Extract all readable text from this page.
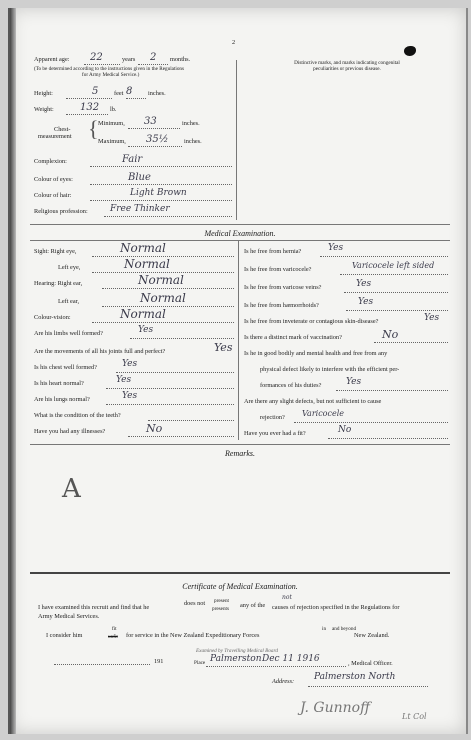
2
Apparent age: 22	years 2 months.
(To be determined according to the instructions given in the Regulations
for Army Medical Service.)
Height:	5 feet 8 inches.
Weight:	132 lb.
Chest-
measurement { Minimum, 33	inches.
Maximum, 35½ inches.
Complexion:	Fair
Colour of eyes:	Blue
Colour of hair:	Light Brown
Religious profession: Free Thinker
Distinctive marks, and marks indicating congenital
peculiarities or previous disease.
Medical Examination.
Sight: Right eye,	Normal
Left eye,	Normal
Hearing: Right ear,	Normal
Left ear,	Normal
Colour-vision:	Normal
Are his limbs well formed?	Yes
Are the movements of all his joints full and perfect?	Yes
Is his chest well formed?	Yes
Is his heart normal?	Yes
Are his lungs normal?	Yes
What is the condition of the teeth?
Have you had any illnesses?	No
Is he free from hernia?	Yes
Is he free from varicocele?	Varicocele left sided
Is he free from varicose veins?	Yes
Is he free from hæmorrhoids?	Yes
Is he free from inveterate or contagious skin-disease?	Yes
Is there a distinct mark of vaccination?	No
Is he in good bodily and mental health and free from any
physical defect likely to interfere with the efficient per-
formances of his duties?	Yes
Are there any slight defects, but not sufficient to cause
rejection? Varicocele
Have you ever had a fit?	No
Remarks.
A
Certificate of Medical Examination.
I have examined this recruit and find that he
does not present
presents any of the
not
causes of rejection specified in the Regulations for
Army Medical Services.
I consider him
fit
unfit for service in the New Zealand Expeditionary Forces
in and beyond
New Zealand.
Examined by Travelling Medical Board
191	Place Palmerston Dec 11 1916	, Medical Officer.
Address: Palmerston North
J. Gunnoff
Lt Col
